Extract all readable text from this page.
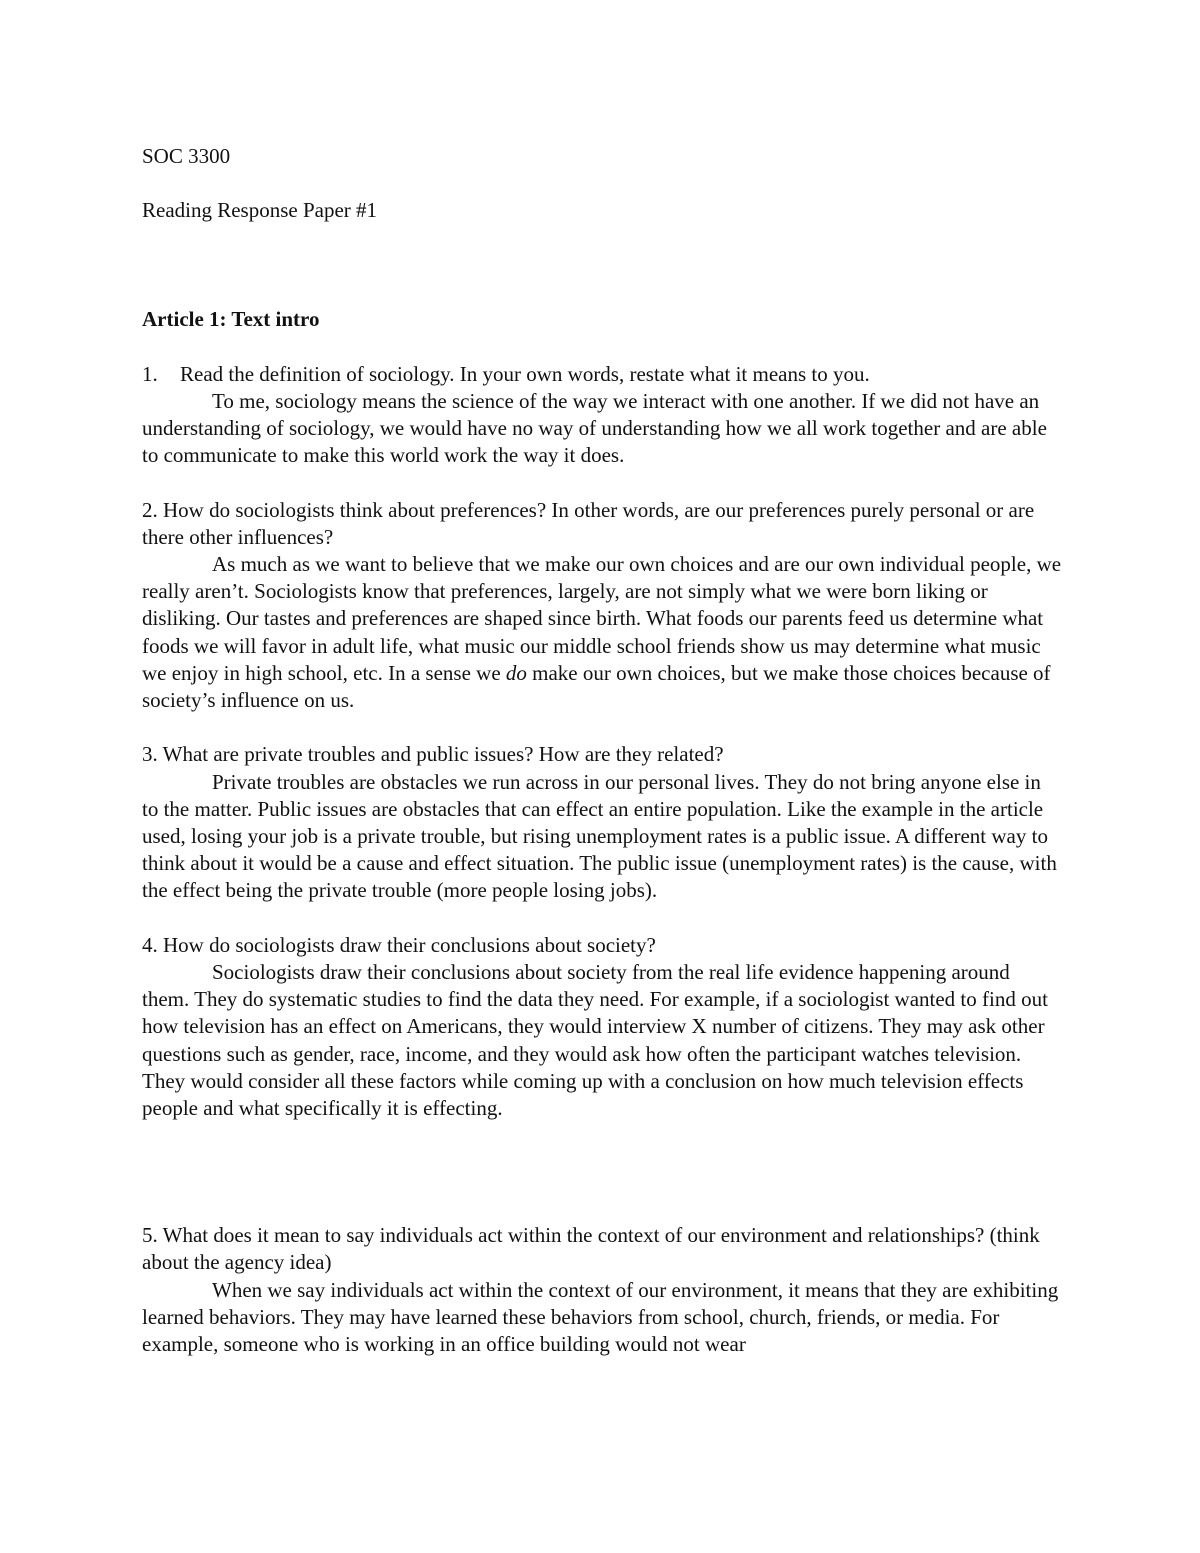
SOC 3300

Reading Response Paper #1

Article 1: Text intro

1.	Read the definition of sociology. In your own words, restate what it means to you.

To me, sociology means the science of the way we interact with one another. If we did not have an understanding of sociology, we would have no way of understanding how we all work together and are able to communicate to make this world work the way it does.

2. How do sociologists think about preferences? In other words, are our preferences purely personal or are there other influences?

As much as we want to believe that we make our own choices and are our own individual people, we really aren’t. Sociologists know that preferences, largely, are not simply what we were born liking or disliking. Our tastes and preferences are shaped since birth. What foods our parents feed us determine what foods we will favor in adult life, what music our middle school friends show us may determine what music we enjoy in high school, etc. In a sense we do make our own choices, but we make those choices because of society’s influence on us.

3. What are private troubles and public issues? How are they related?

Private troubles are obstacles we run across in our personal lives. They do not bring anyone else in to the matter. Public issues are obstacles that can effect an entire population. Like the example in the article used, losing your job is a private trouble, but rising unemployment rates is a public issue. A different way to think about it would be a cause and effect situation. The public issue (unemployment rates) is the cause, with the effect being the private trouble (more people losing jobs).

4. How do sociologists draw their conclusions about society?

Sociologists draw their conclusions about society from the real life evidence happening around them. They do systematic studies to find the data they need. For example, if a sociologist wanted to find out how television has an effect on Americans, they would interview X number of citizens. They may ask other questions such as gender, race, income, and they would ask how often the participant watches television. They would consider all these factors while coming up with a conclusion on how much television effects people and what specifically it is effecting.

5. What does it mean to say individuals act within the context of our environment and relationships? (think about the agency idea)

When we say individuals act within the context of our environment, it means that they are exhibiting learned behaviors. They may have learned these behaviors from school, church, friends, or media. For example, someone who is working in an office building would not wear
